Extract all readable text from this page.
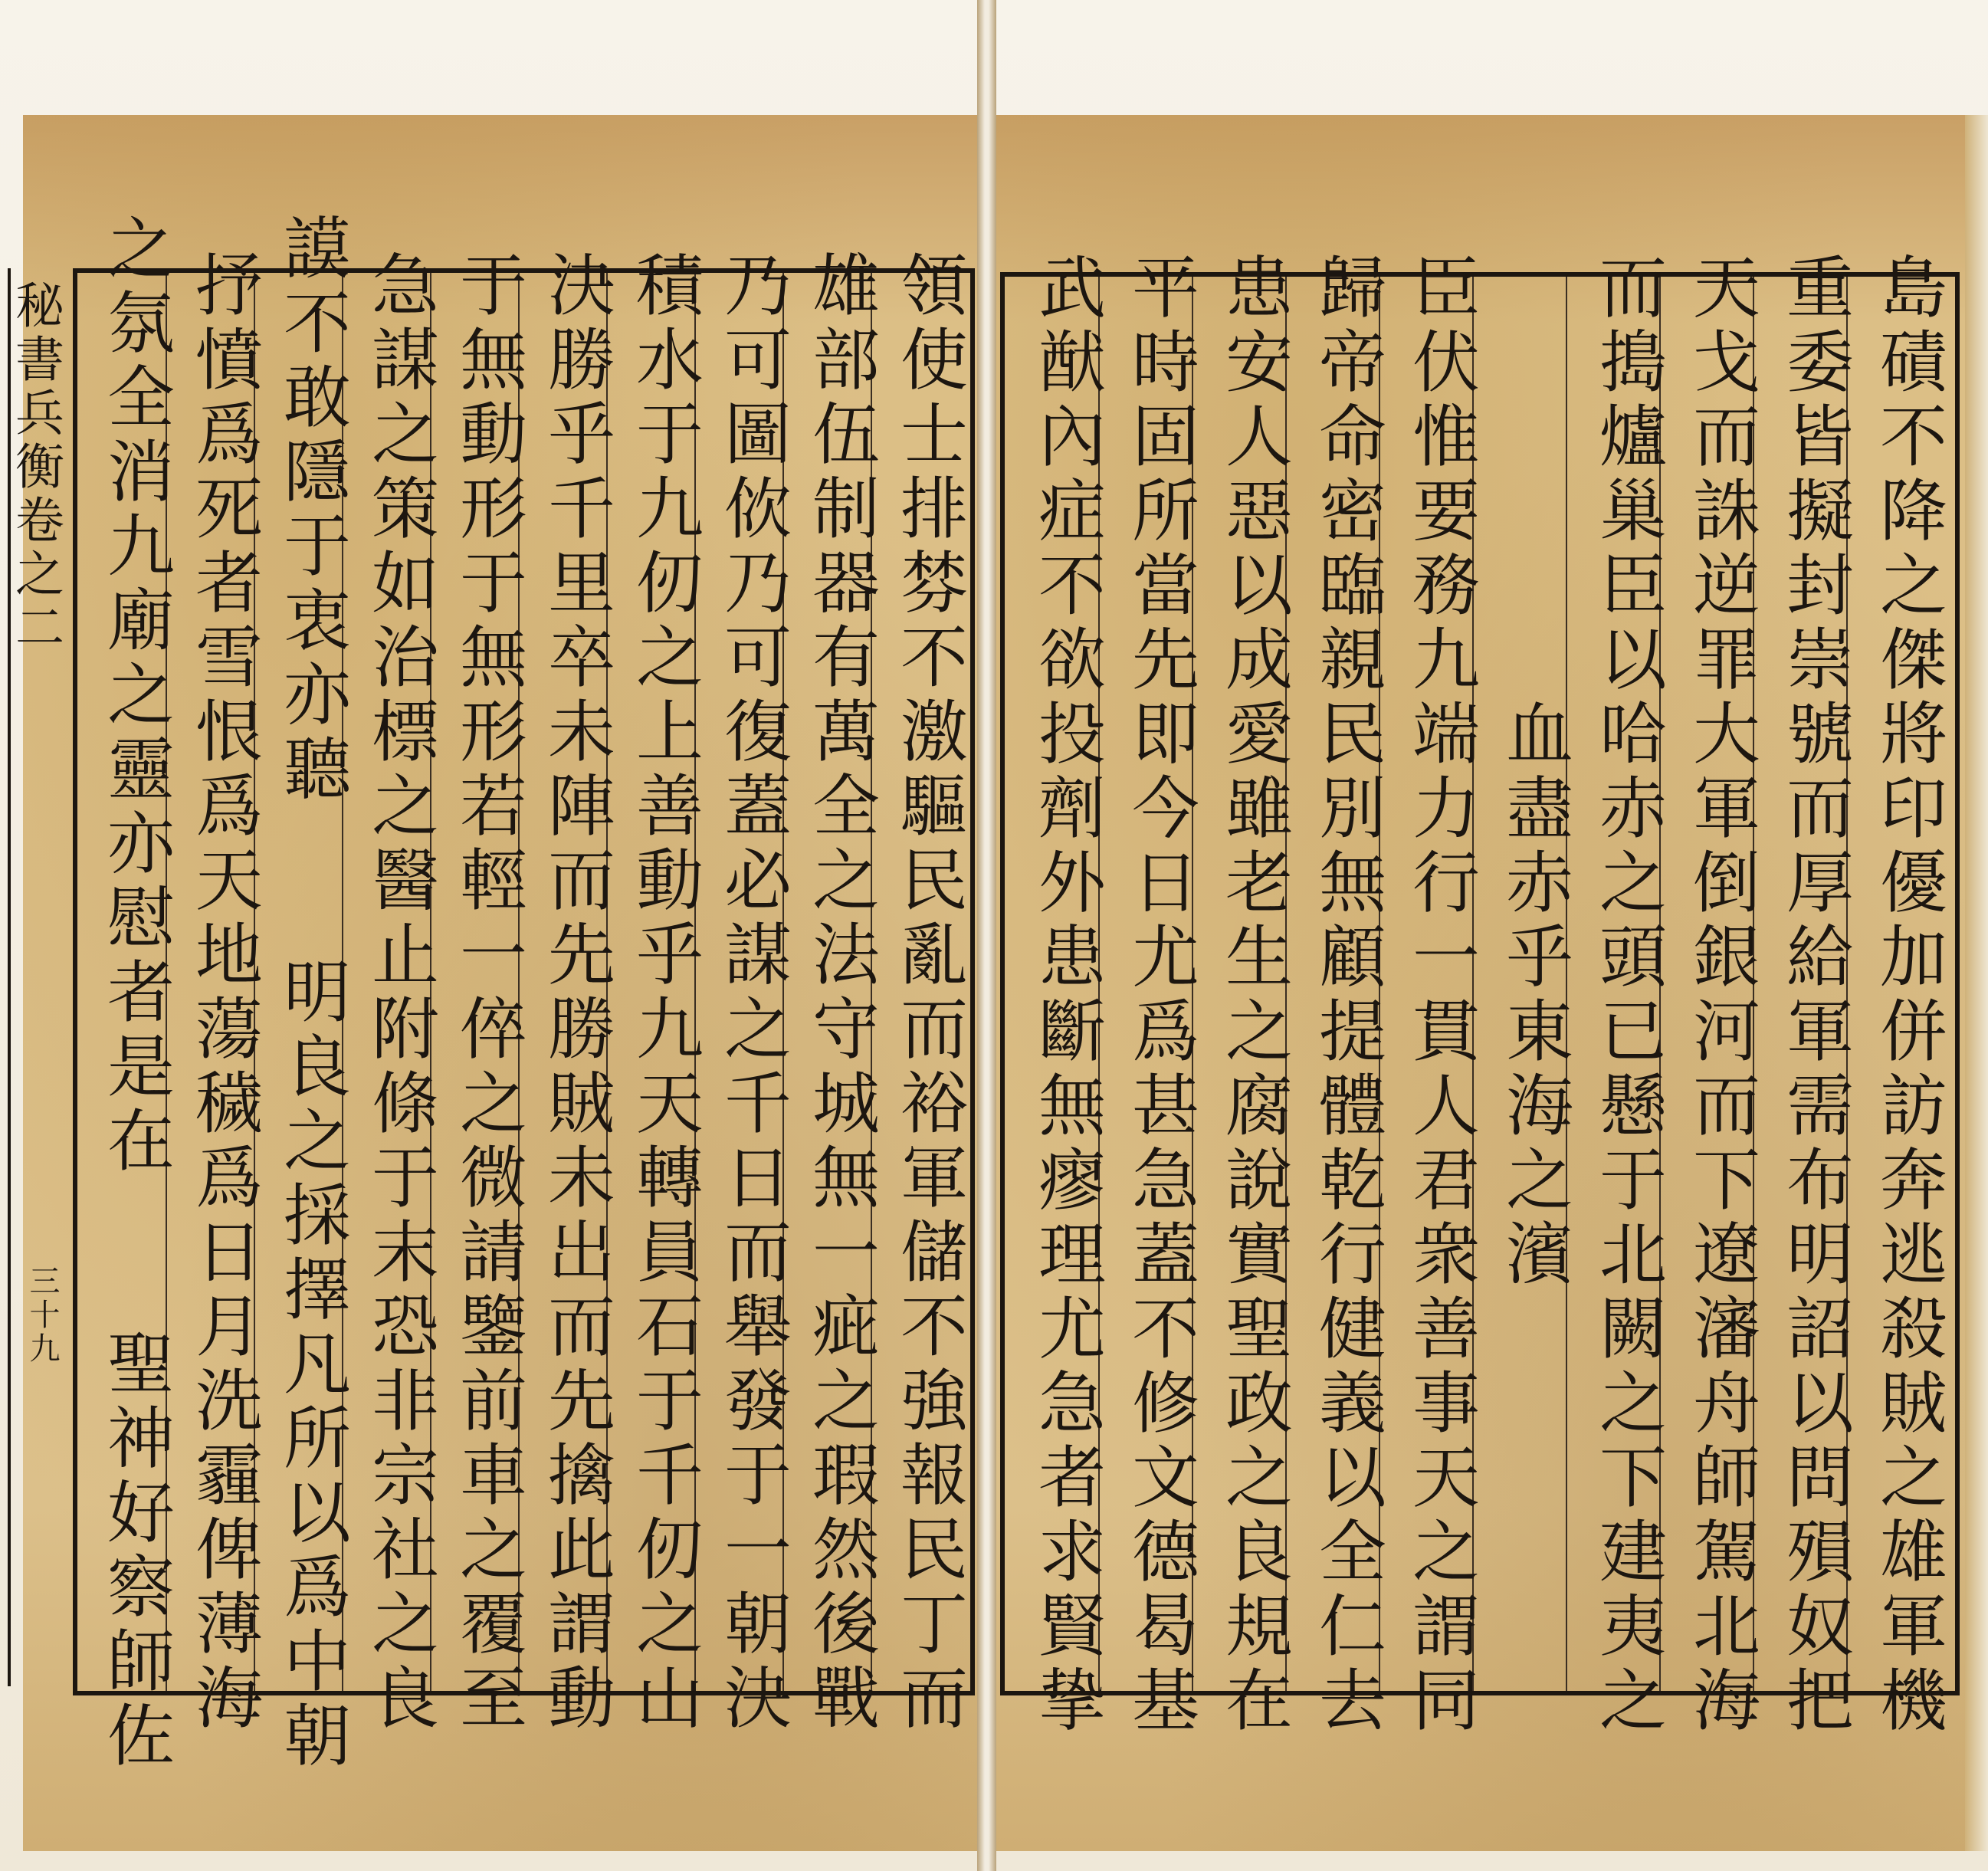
秘書兵衡卷之二
三十九	領使士排棼不激驅民亂而裕軍儲不強報民丁而
雄部伍制器有萬全之法守城無一疵之瑕然後戰
乃可圖佽乃可復蓋必謀之千日而舉發于一朝決
積水于九仞之上善動乎九天轉員石于千仞之山
決勝乎千里卒未陣而先勝賊未出而先擒此謂動
于無動形于無形若輕一倅之微請鑒前車之覆至
急謀之策如治標之醫止附條于末恐非宗社之良
謨不敢隱于衷亦聽　　明良之採擇凡所以爲中朝
抒憤爲死者雪恨爲天地蕩穢爲日月洗霾俾薄海
之氛全消九廟之靈亦慰者是在　　聖神好察師佐	島磧不降之傑將印優加併訪奔逃殺賊之雄軍機
重委皆擬封崇號而厚給軍需布明詔以問殞奴把
天戈而誅逆罪大軍倒銀河而下遼瀋舟師駕北海
而搗爐巢臣以哈赤之頭已懸于北闕之下建夷之
血盡赤乎東海之濱
臣伏惟要務九端力行一貫人君衆善事天之謂同
歸帝命密臨親民別無顧提體乾行健義以全仁去
患安人惡以成愛雖老生之腐說實聖政之良規在
平時固所當先即今日尤爲甚急蓋不修文德曷基
武猷內症不欲投劑外患斷無瘳理尤急者求賢挚
